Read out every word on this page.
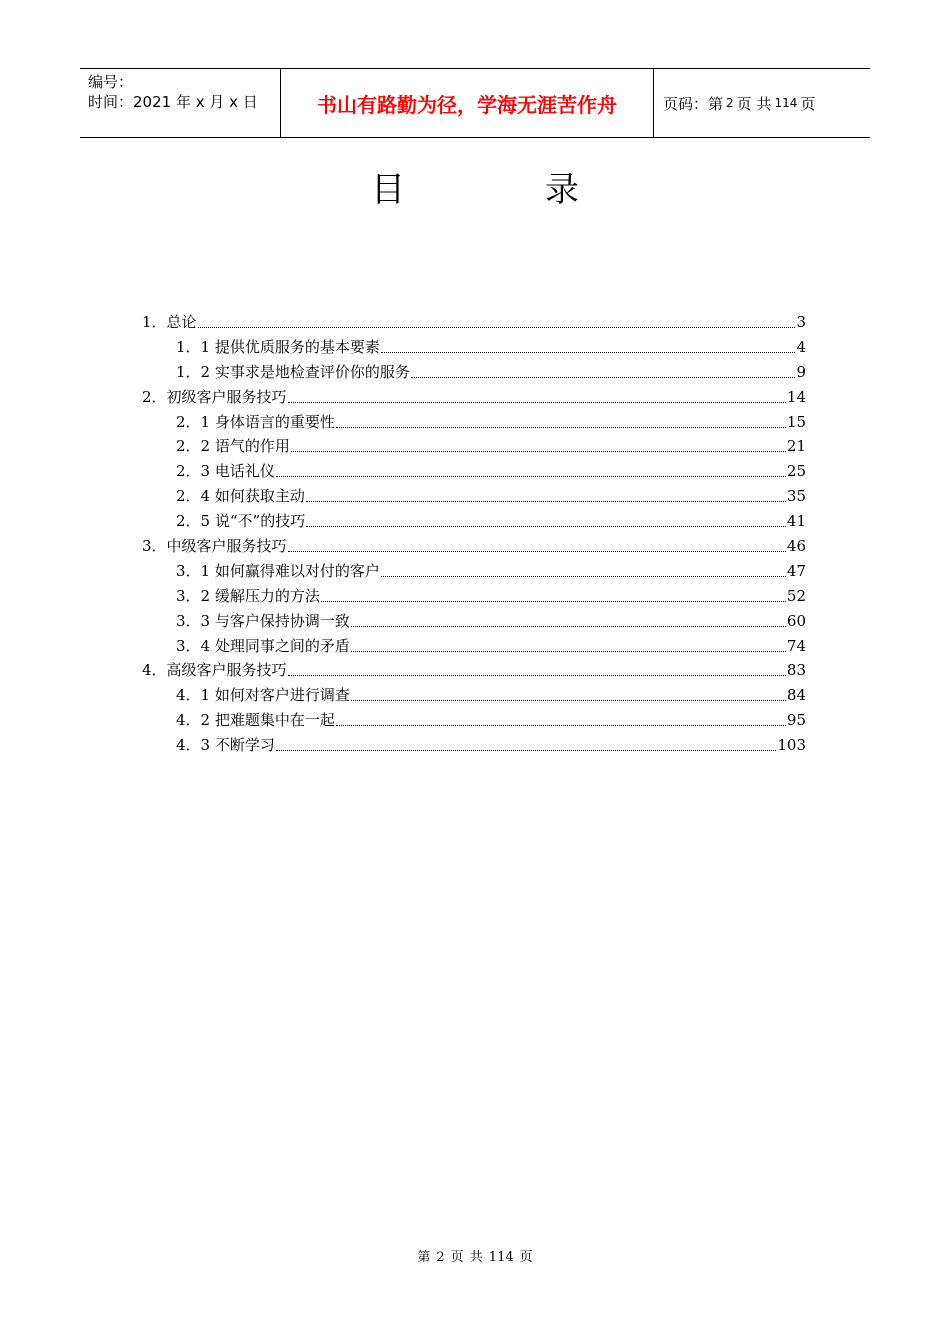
编号：
时间：2021 年 x 月 x 日	书山有路勤为径，学海无涯苦作舟	页码：第 2 页 共 114 页
目	录
1．总论	3
1．1 提供优质服务的基本要素	4
1．2 实事求是地检查评价你的服务	9
2．初级客户服务技巧	14
2．1 身体语言的重要性	15
2．2 语气的作用	21
2．3 电话礼仪	25
2．4 如何获取主动	35
2．5 说“不”的技巧	41
3．中级客户服务技巧	46
3．1 如何赢得难以对付的客户	47
3．2 缓解压力的方法	52
3．3 与客户保持协调一致	60
3．4 处理同事之间的矛盾	74
4．高级客户服务技巧	83
4．1 如何对客户进行调查	84
4．2 把难题集中在一起	95
4．3 不断学习	103
第 2 页 共 114 页
